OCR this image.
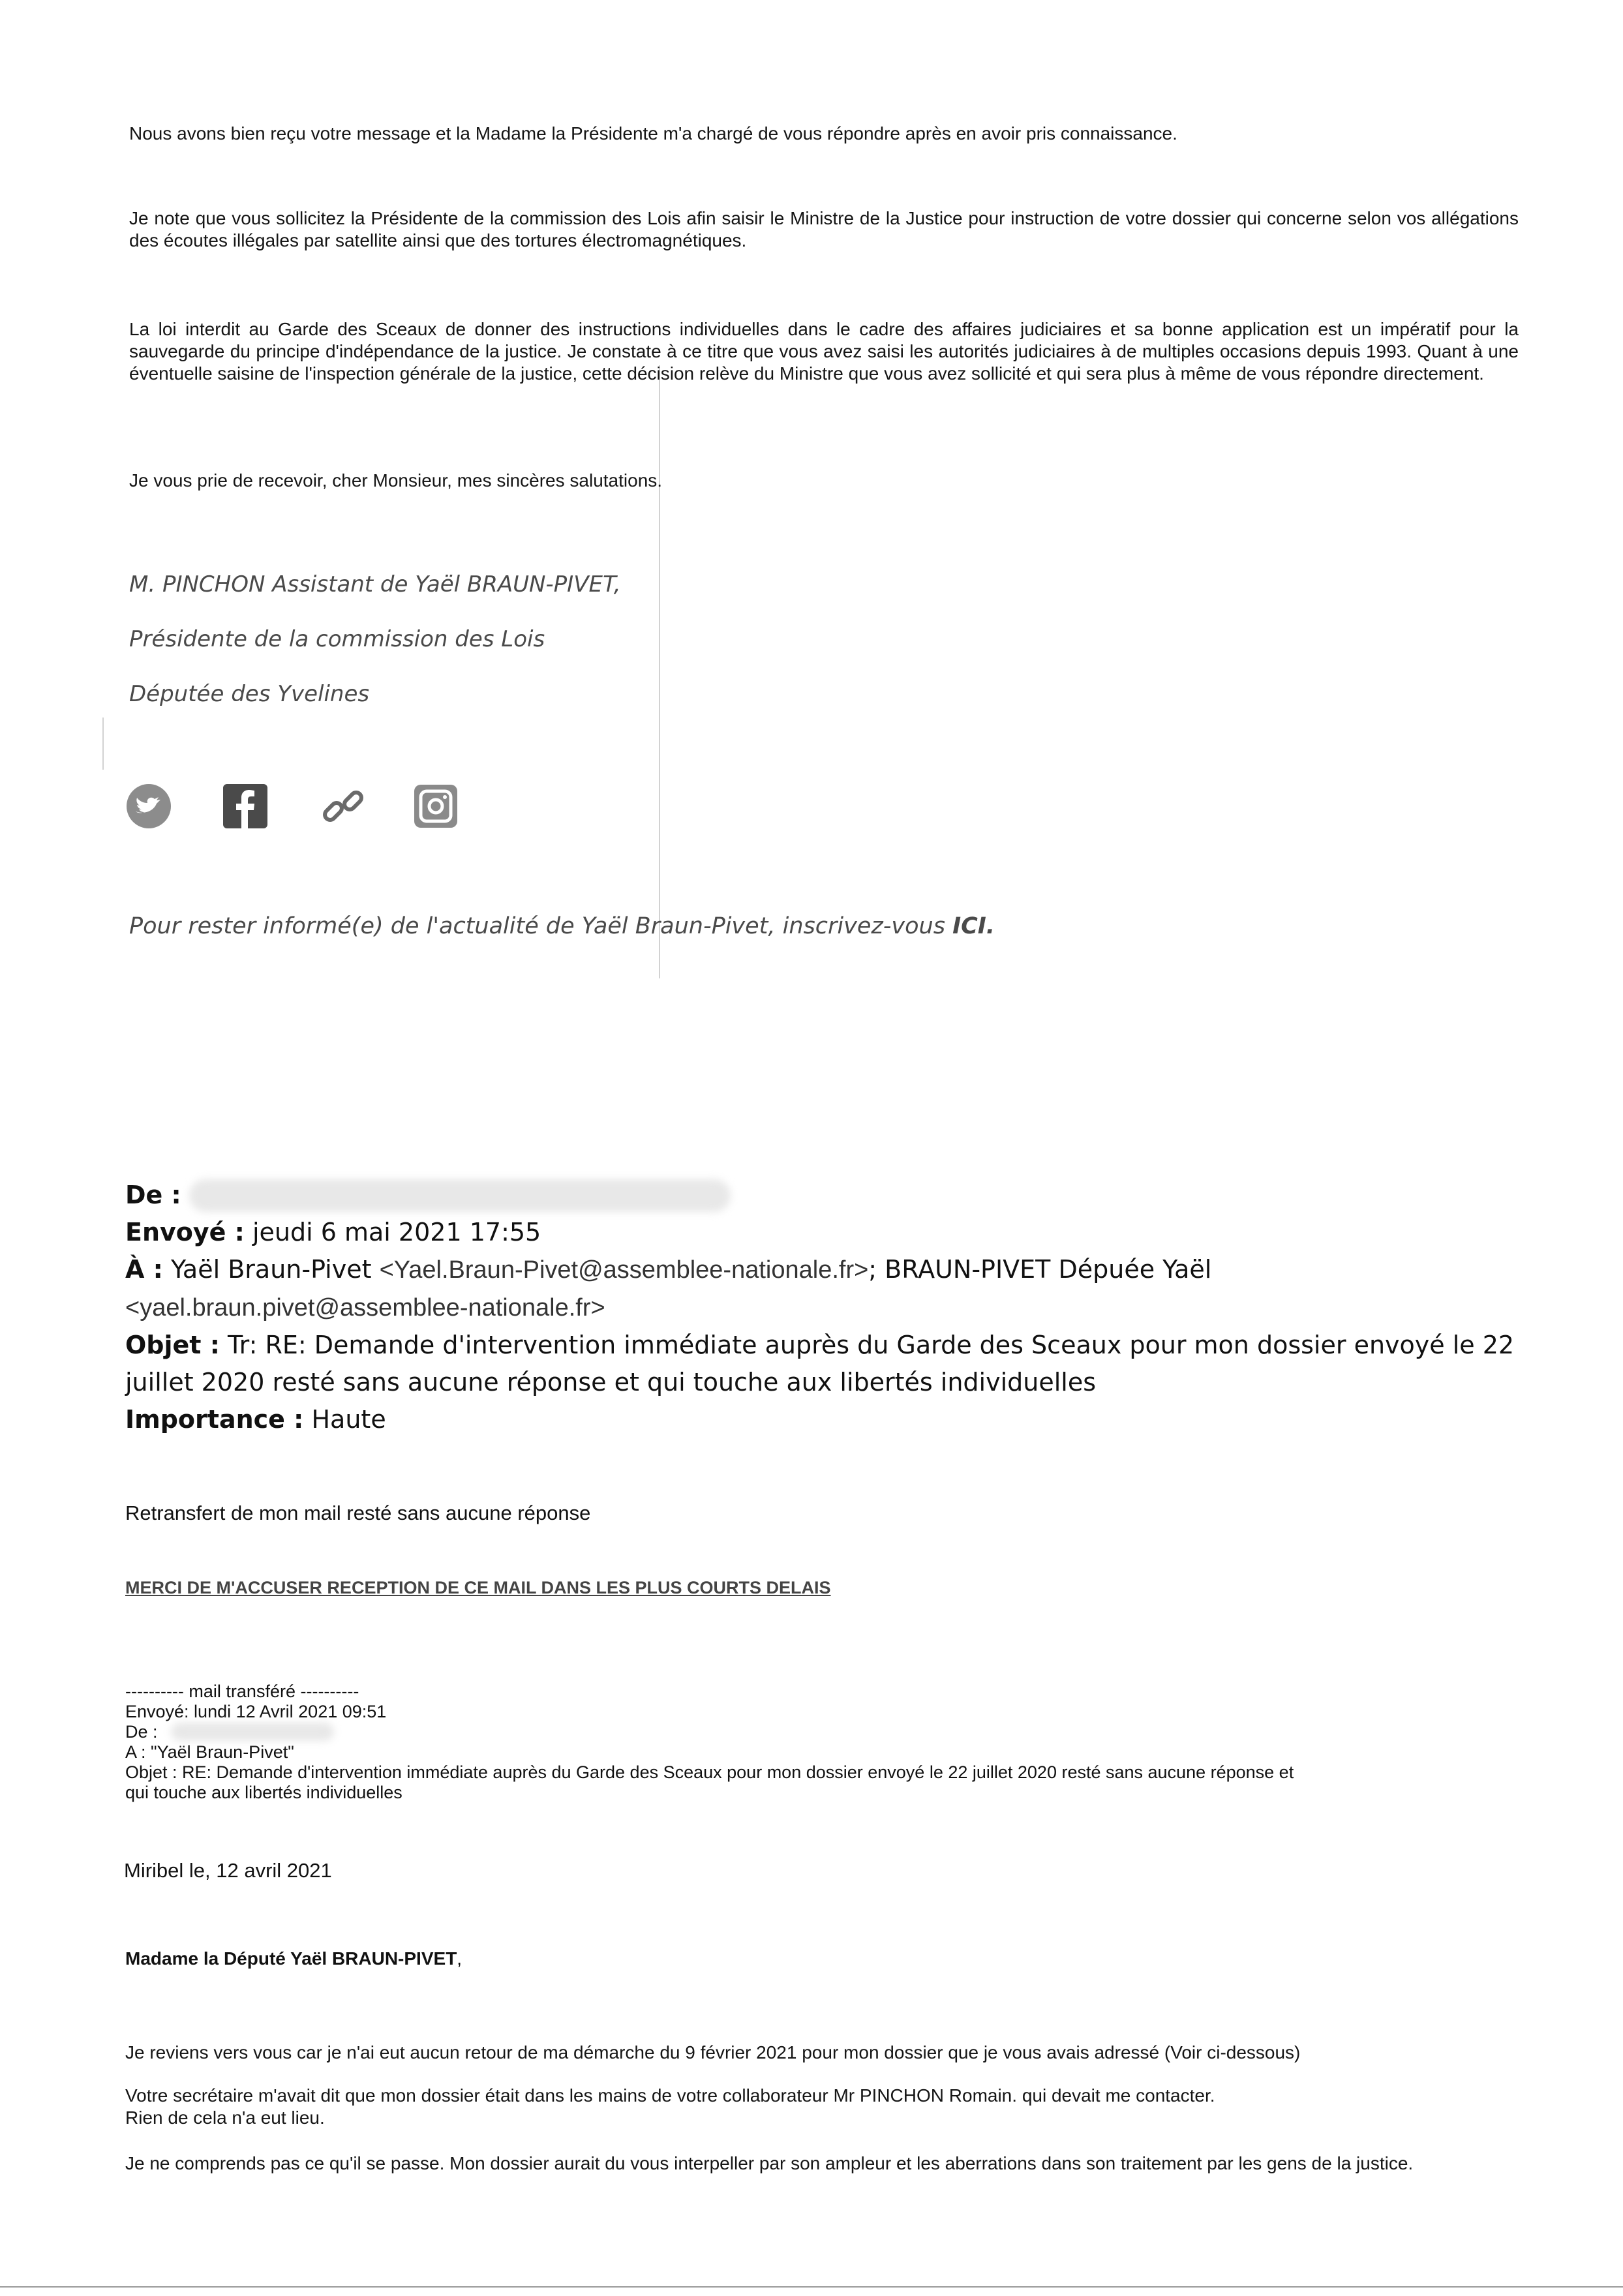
Nous avons bien reçu votre message et la Madame la Présidente m'a chargé de vous répondre après en avoir pris connaissance.
Je note que vous sollicitez la Présidente de la commission des Lois afin saisir le Ministre de la Justice pour instruction de votre dossier qui concerne selon vos allégations des écoutes illégales par satellite ainsi que des tortures électromagnétiques.
La loi interdit au Garde des Sceaux de donner des instructions individuelles dans le cadre des affaires judiciaires et sa bonne application est un impératif pour la sauvegarde du principe d'indépendance de la justice. Je constate à ce titre que vous avez saisi les autorités judiciaires à de multiples occasions depuis 1993. Quant à une éventuelle saisine de l'inspection générale de la justice, cette décision relève du Ministre que vous avez sollicité et qui sera plus à même de vous répondre directement.
Je vous prie de recevoir, cher Monsieur, mes sincères salutations.
M. PINCHON Assistant de Yaël BRAUN-PIVET,
Présidente de la commission des Lois
Députée des Yvelines
Pour rester informé(e) de l'actualité de Yaël Braun-Pivet, inscrivez-vous ICI.
De :
Envoyé : jeudi 6 mai 2021 17:55
À : Yaël Braun-Pivet <Yael.Braun-Pivet@assemblee-nationale.fr>; BRAUN-PIVET Dépuée Yaël
<yael.braun.pivet@assemblee-nationale.fr>
Objet : Tr: RE: Demande d'intervention immédiate auprès du Garde des Sceaux pour mon dossier envoyé le 22
juillet 2020 resté sans aucune réponse et qui touche aux libertés individuelles
Importance : Haute
Retransfert de mon mail resté sans aucune réponse
MERCI DE M'ACCUSER RECEPTION DE CE MAIL DANS LES PLUS COURTS DELAIS
---------- mail transféré ----------
Envoyé: lundi 12 Avril 2021 09:51
De :
A : "Yaël Braun-Pivet"
Objet : RE: Demande d'intervention immédiate auprès du Garde des Sceaux pour mon dossier envoyé le 22 juillet 2020 resté sans aucune réponse et
qui touche aux libertés individuelles
Miribel le, 12 avril 2021
Madame la Député Yaël BRAUN-PIVET,
Je reviens vers vous car je n'ai eut aucun retour de ma démarche du 9 février 2021 pour mon dossier que je vous avais adressé (Voir ci-dessous)
Votre secrétaire m'avait dit que mon dossier était dans les mains de votre collaborateur Mr PINCHON Romain. qui devait me contacter.
Rien de cela n'a eut lieu.
Je ne comprends pas ce qu'il se passe. Mon dossier aurait du vous interpeller par son ampleur et les aberrations dans son traitement par les gens de la justice.
